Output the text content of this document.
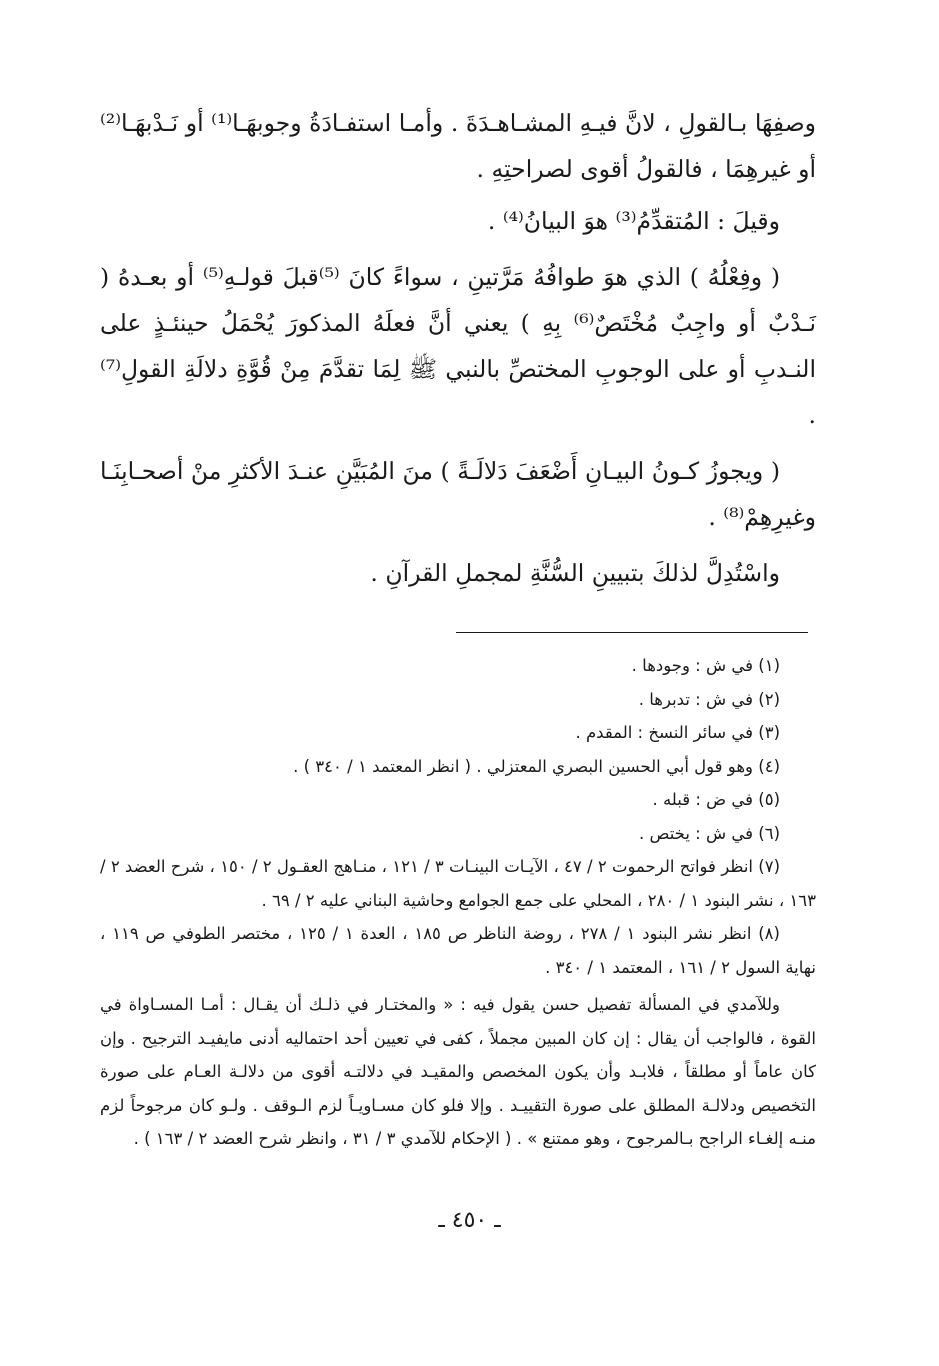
وصفِهَا بـالقولِ ، لانَّ فيـهِ المشـاهـدَةَ . وأمـا استفـادَةُ وجوبهَـا⁽¹⁾ أو نَـدْبهَـا⁽²⁾ أو غيرهِمَا ، فالقولُ أقوى لصراحتِهِ .

وقيلَ : المُتقدِّمُ⁽³⁾ هوَ البيانُ⁽⁴⁾ .

( وفِعْلُهُ ) الذي هوَ طوافُهُ مَرَّتينِ ، سواءً كانَ ⁽⁵⁾قبلَ قولـهِ⁽⁵⁾ أو بعـدهُ ( نَـدْبٌ أو واجِبٌ مُخْتَصٌ⁽⁶⁾ بِهِ ) يعني أنَّ فعلَهُ المذكورَ يُحْمَلُ حينئـذٍ على النـدبِ أو على الوجوبِ المختصِّ بالنبي ﷺ لِمَا تقدَّمَ مِنْ قُوَّةِ دلالَةِ القولِ⁽⁷⁾ .

( ويجوزُ كـونُ البيـانِ أَضْعَفَ دَلالَـةً ) منَ المُبَيَّنِ عنـدَ الأكثرِ منْ أصحـابِنَـا وغيرِهِمْ⁽⁸⁾ .

واسْتُدِلَّ لذلكَ بتبيينِ السُّنَّةِ لمجملِ القرآنِ .

(١) في ش : وجودها .

(٢) في ش : تدبرها .

(٣) في سائر النسخ : المقدم .

(٤) وهو قول أبي الحسين البصري المعتزلي . ( انظر المعتمد ١ / ٣٤٠ ) .

(٥) في ض : قبله .

(٦) في ش : يختص .

(٧) انظر فواتح الرحموت ٢ / ٤٧ ، الآيـات البينـات ٣ / ١٢١ ، منـاهج العقـول ٢ / ١٥٠ ، شرح العضد ٢ / ١٦٣ ، نشر البنود ١ / ٢٨٠ ، المحلي على جمع الجوامع وحاشية البناني عليه ٢ / ٦٩ .

(٨) انظر نشر البنود ١ / ٢٧٨ ، روضة الناظر ص ١٨٥ ، العدة ١ / ١٢٥ ، مختصر الطوفي ص ١١٩ ، نهاية السول ٢ / ١٦١ ، المعتمد ١ / ٣٤٠ .

وللآمدي في المسألة تفصيل حسن يقول فيه : « والمختـار في ذلـك أن يقـال : أمـا المسـاواة في القوة ، فالواجب أن يقال : إن كان المبين مجملاً ، كفى في تعيين أحد احتماليه أدنى مايفيـد الترجيح . وإن كان عاماً أو مطلقاً ، فلابـد وأن يكون المخصص والمقيـد في دلالتـه أقوى من دلالـة العـام على صورة التخصيص ودلالـة المطلق على صورة التقييـد . وإلا فلو كان مسـاويـاً لزم الـوقف . ولـو كان مرجوحاً لزم منـه إلغـاء الراجح بـالمرجوح ، وهو ممتنع » . ( الإحكام للآمدي ٣ / ٣١ ، وانظر شرح العضد ٢ / ١٦٣ ) .

ـ ٤٥٠ ـ
